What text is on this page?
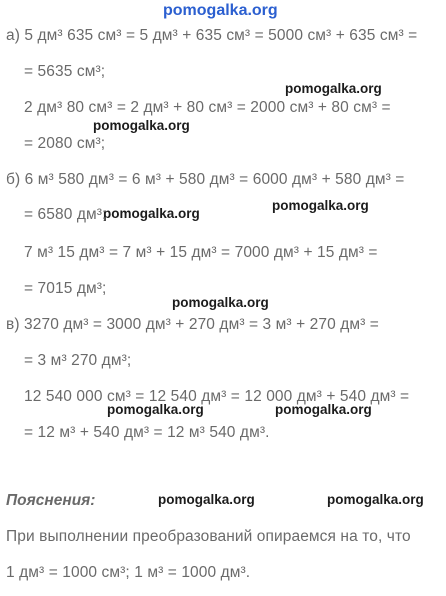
pomogalka.org
pomogalka.org
pomogalka.org
pomogalka.org
pomogalka.org
pomogalka.org
pomogalka.org	pomogalka.org
pomogalka.org	pomogalka.org
а) 5 дм³ 635 см³ = 5 дм³ + 635 см³ = 5000 см³ + 635 см³ =
= 5635 см³;
2 дм³ 80 см³ = 2 дм³ + 80 см³ = 2000 см³ + 80 см³ =
= 2080 см³;
б) 6 м³ 580 дм³ = 6 м³ + 580 дм³ = 6000 дм³ + 580 дм³ =
= 6580 дм³;
7 м³ 15 дм³ = 7 м³ + 15 дм³ = 7000 дм³ + 15 дм³ =
= 7015 дм³;
в) 3270 дм³ = 3000 дм³ + 270 дм³ = 3 м³ + 270 дм³ =
= 3 м³ 270 дм³;
12 540 000 см³ = 12 540 дм³ = 12 000 дм³ + 540 дм³ =
= 12 м³ + 540 дм³ = 12 м³ 540 дм³.
Пояснения:
При выполнении преобразований опираемся на то, что
1 дм³ = 1000 см³; 1 м³ = 1000 дм³.
